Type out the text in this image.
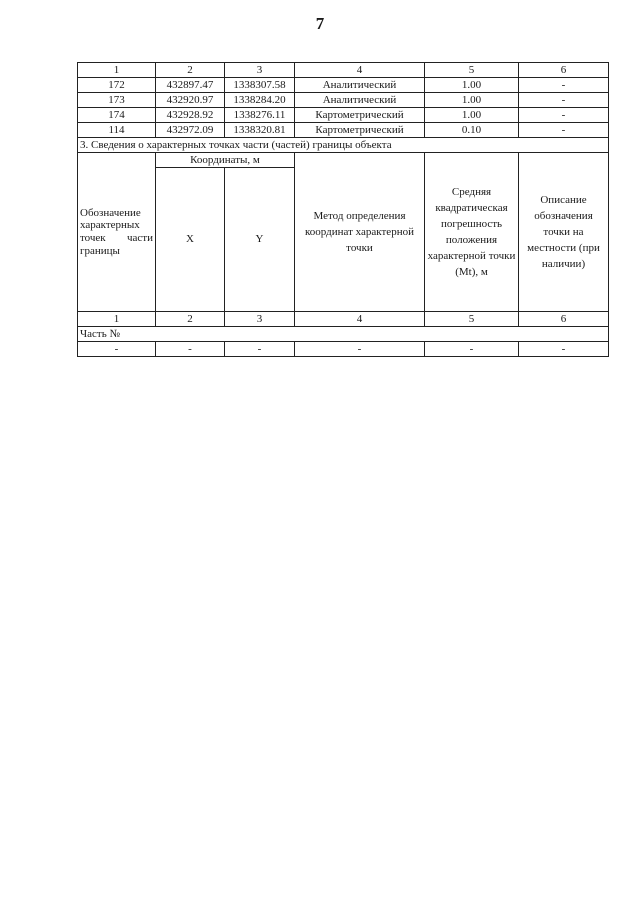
7
1	2	3	4	5	6
172	432897.47	1338307.58	Аналитический	1.00	-
173	432920.97	1338284.20	Аналитический	1.00	-
174	432928.92	1338276.11	Картометрический	1.00	-
114	432972.09	1338320.81	Картометрический	0.10	-
3. Сведения о характерных точках части (частей) границы объекта					

Обозначение
характерных
точек части
границы	Координаты, м		Метод определения координат характерной точки	Средняя квадратическая погрешность положения характерной точки (Mt), м	Описание обозначения точки на местности (при наличии)
	X	Y			
1	2	3	4	5	6
Часть №					
-	-	-	-	-	-
